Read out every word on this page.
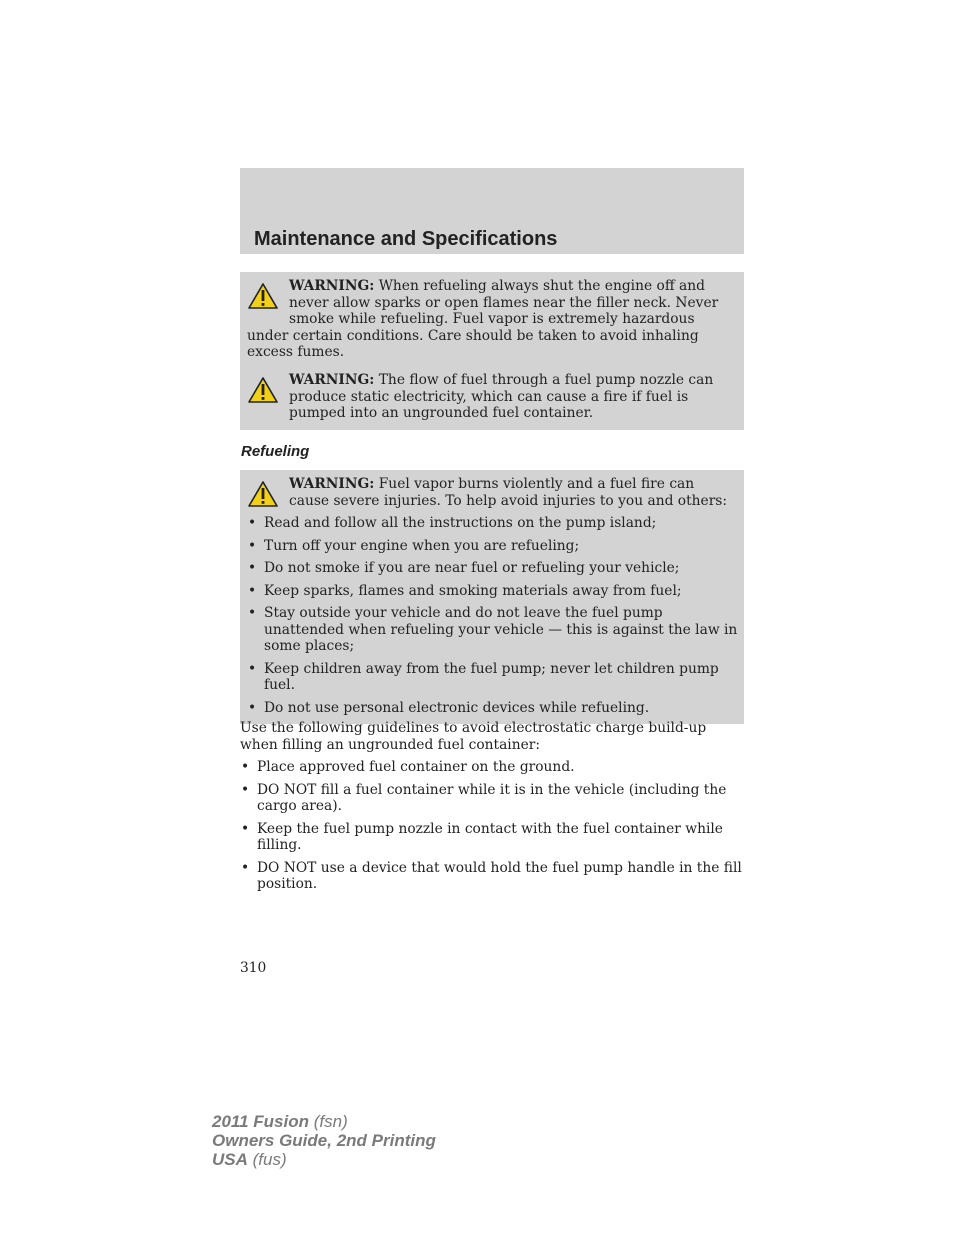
Maintenance and Specifications
WARNING: When refueling always shut the engine off and never allow sparks or open flames near the filler neck. Never smoke while refueling. Fuel vapor is extremely hazardous under certain conditions. Care should be taken to avoid inhaling excess fumes.
WARNING: The flow of fuel through a fuel pump nozzle can produce static electricity, which can cause a fire if fuel is pumped into an ungrounded fuel container.
Refueling
WARNING: Fuel vapor burns violently and a fuel fire can cause severe injuries. To help avoid injuries to you and others:
• Read and follow all the instructions on the pump island;
• Turn off your engine when you are refueling;
• Do not smoke if you are near fuel or refueling your vehicle;
• Keep sparks, flames and smoking materials away from fuel;
• Stay outside your vehicle and do not leave the fuel pump unattended when refueling your vehicle — this is against the law in some places;
• Keep children away from the fuel pump; never let children pump fuel.
• Do not use personal electronic devices while refueling.

Use the following guidelines to avoid electrostatic charge build-up when filling an ungrounded fuel container:

• Place approved fuel container on the ground.
• DO NOT fill a fuel container while it is in the vehicle (including the cargo area).
• Keep the fuel pump nozzle in contact with the fuel container while filling.
• DO NOT use a device that would hold the fuel pump handle in the fill position.
310
2011 Fusion (fsn)
Owners Guide, 2nd Printing
USA (fus)
